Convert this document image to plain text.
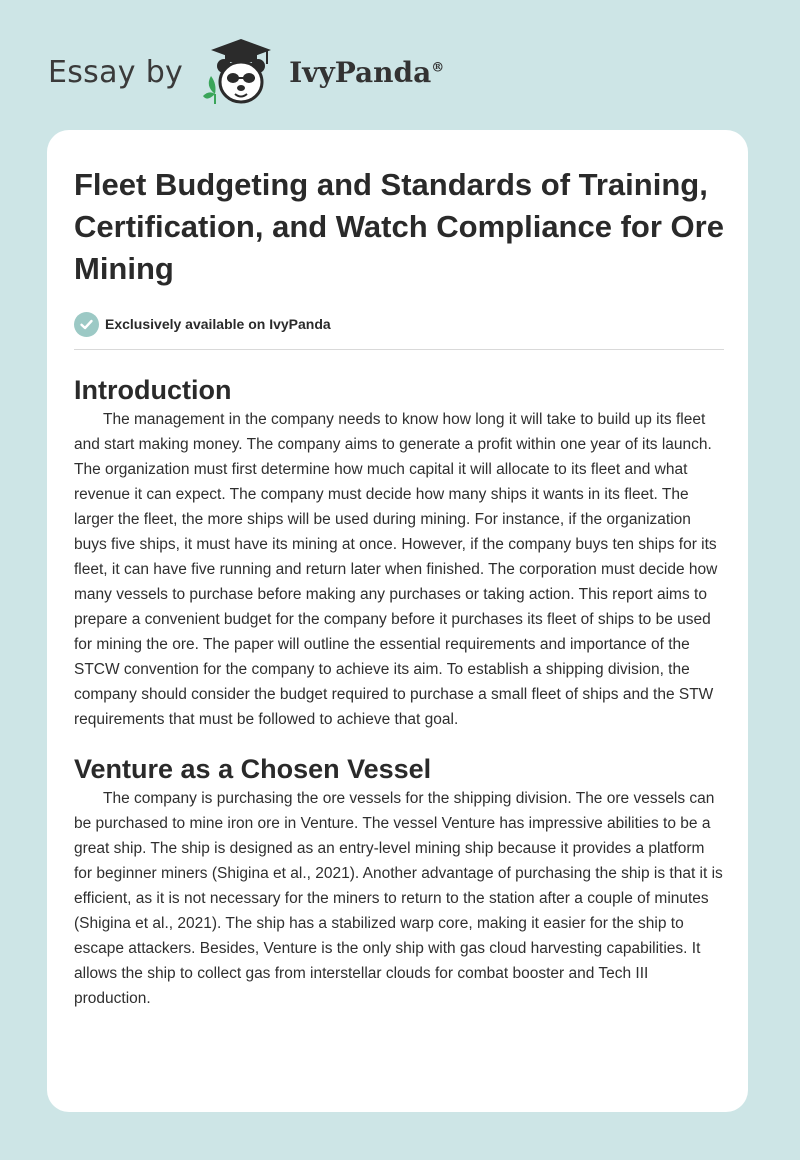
Essay by	IvyPanda®
Fleet Budgeting and Standards of Training, Certification, and Watch Compliance for Ore Mining
Exclusively available on IvyPanda
Introduction

The management in the company needs to know how long it will take to build up its fleet and start making money. The company aims to generate a profit within one year of its launch. The organization must first determine how much capital it will allocate to its fleet and what revenue it can expect. The company must decide how many ships it wants in its fleet. The larger the fleet, the more ships will be used during mining. For instance, if the organization buys five ships, it must have its mining at once. However, if the company buys ten ships for its fleet, it can have five running and return later when finished. The corporation must decide how many vessels to purchase before making any purchases or taking action. This report aims to prepare a convenient budget for the company before it purchases its fleet of ships to be used for mining the ore. The paper will outline the essential requirements and importance of the STCW convention for the company to achieve its aim. To establish a shipping division, the company should consider the budget required to purchase a small fleet of ships and the STW requirements that must be followed to achieve that goal.

Venture as a Chosen Vessel

The company is purchasing the ore vessels for the shipping division. The ore vessels can be purchased to mine iron ore in Venture. The vessel Venture has impressive abilities to be a great ship. The ship is designed as an entry-level mining ship because it provides a platform for beginner miners (Shigina et al., 2021). Another advantage of purchasing the ship is that it is efficient, as it is not necessary for the miners to return to the station after a couple of minutes (Shigina et al., 2021). The ship has a stabilized warp core, making it easier for the ship to escape attackers. Besides, Venture is the only ship with gas cloud harvesting capabilities. It allows the ship to collect gas from interstellar clouds for combat booster and Tech III production.
